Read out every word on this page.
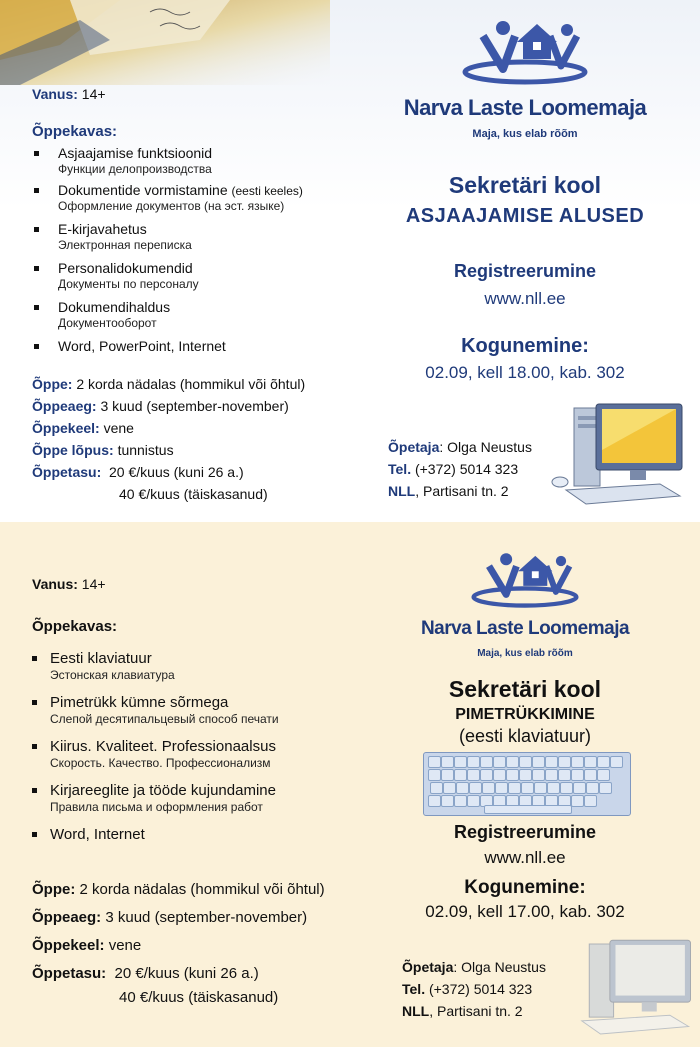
Narva Laste Loomemaja
Maja, kus elab rõõm
Vanus: 14+
Õppekavas:
Asjaajamise funktsioonid
Функции делопроизводства
Dokumentide vormistamine (eesti keeles)
Оформление документов (на эст. языке)
E-kirjavahetus
Электронная переписка
Personalidokumendid
Документы по персоналу
Dokumendihaldus
Документооборот
Word, PowerPoint, Internet
Õppe: 2 korda nädalas (hommikul või õhtul)
Õppeaeg: 3 kuud (september-november)
Õppekeel: vene
Õppe lõpus: tunnistus
Õppetasu: 20 €/kuus (kuni 26 a.)
40 €/kuus (täiskasanud)
Sekretäri kool
ASJAAJAMISE ALUSED
Registreerumine
www.nll.ee
Kogunemine:
02.09, kell 18.00, kab. 302
Õpetaja: Olga Neustus
Tel. (+372) 5014 323
NLL, Partisani tn. 2
Narva Laste Loomemaja
Maja, kus elab rõõm
Vanus: 14+
Õppekavas:
Eesti klaviatuur
Эстонская клавиатура
Pimetrükk kümne sõrmega
Слепой десятипальцевый способ печати
Kiirus. Kvaliteet. Professionaalsus
Скорость. Качество. Профессионализм
Kirjareeglite ja tööde kujundamine
Правила письма и оформления работ
Word, Internet
Õppe: 2 korda nädalas (hommikul või õhtul)
Õppeaeg: 3 kuud (september-november)
Õppekeel: vene
Õppetasu: 20 €/kuus (kuni 26 a.)
40 €/kuus (täiskasanud)
Sekretäri kool
PIMETRÜKKIMINE
(eesti klaviatuur)
Registreerumine
www.nll.ee
Kogunemine:
02.09, kell 17.00, kab. 302
Õpetaja: Olga Neustus
Tel. (+372) 5014 323
NLL, Partisani tn. 2
